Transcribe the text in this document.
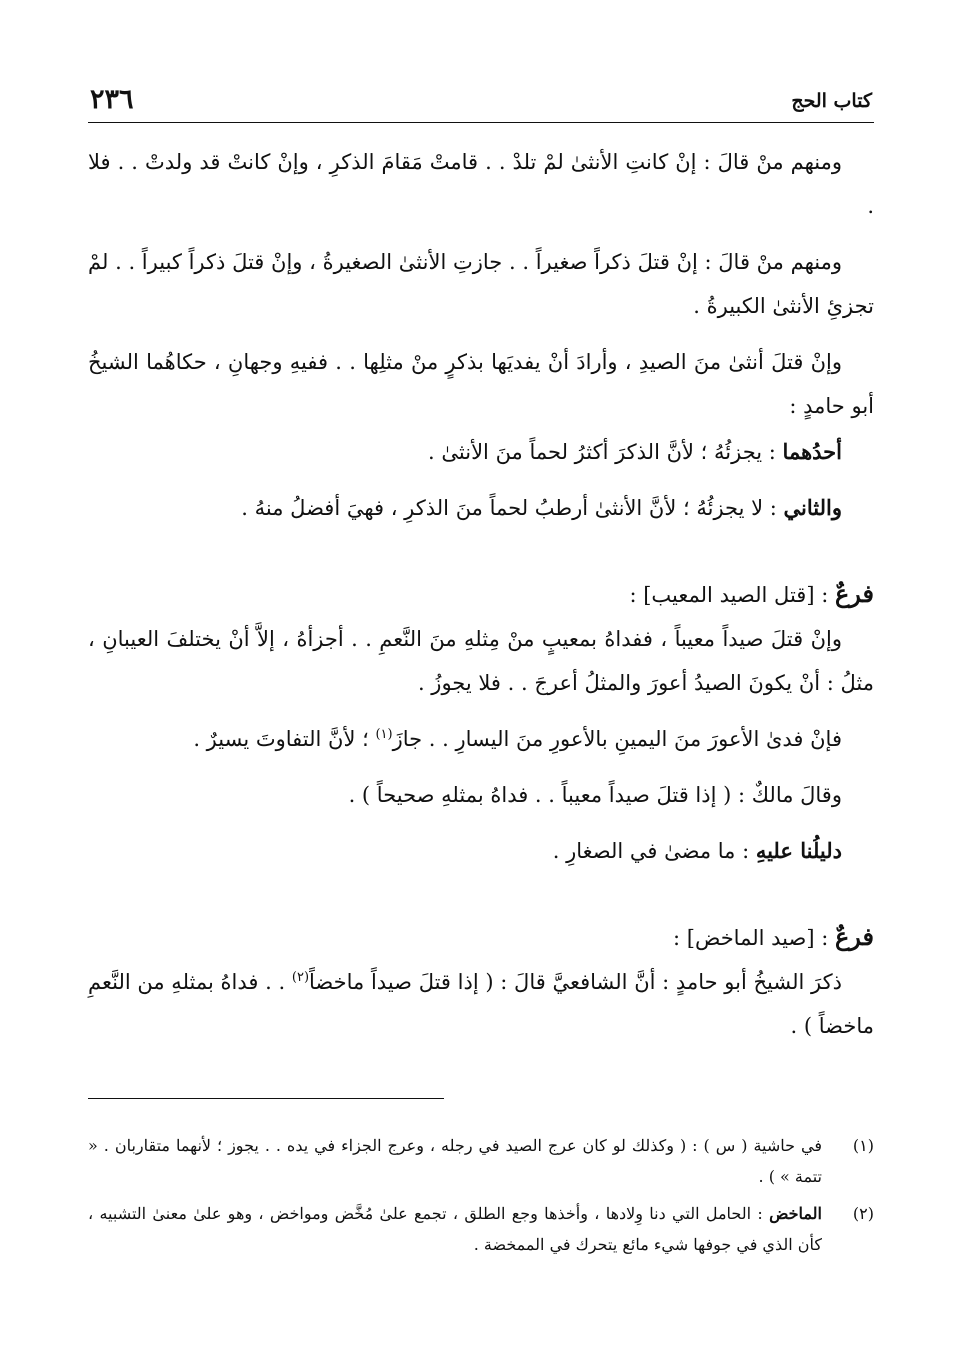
كتاب الحج
٢٣٦

ومنهم منْ قالَ : إنْ كانتِ الأنثىٰ لمْ تلدْ . . قامتْ مَقامَ الذكرِ ، وإنْ كانتْ قد ولدتْ . . فلا .

ومنهم منْ قالَ : إنْ قتلَ ذكراً صغيراً . . جازتِ الأنثىٰ الصغيرةُ ، وإنْ قتلَ ذكراً كبيراً . . لمْ تجزئِ الأنثىٰ الكبيرةُ .

وإنْ قتلَ أنثىٰ منَ الصيدِ ، وأرادَ أنْ يفديَها بذكرٍ منْ مثلِها . . ففيهِ وجهانِ ، حكاهُما الشيخُ أبو حامدٍ :

أحدُهما : يجزئُهُ ؛ لأنَّ الذكرَ أكثرُ لحماً منَ الأنثىٰ .

والثاني : لا يجزئُهُ ؛ لأنَّ الأنثىٰ أرطبُ لحماً منَ الذكرِ ، فهيَ أفضلُ منهُ .

فرعٌ : [قتل الصيد المعيب] :

وإنْ قتلَ صيداً معيباً ، ففداهُ بمعيبٍ منْ مِثلهِ منَ النَّعمِ . . أجزأهُ ، إلاَّ أنْ يختلفَ العيبانِ ، مثلُ : أنْ يكونَ الصيدُ أعورَ والمثلُ أعرجَ . . فلا يجوزُ .

فإنْ فدىٰ الأعورَ منَ اليمينِ بالأعورِ منَ اليسارِ . . جازَ$^{(١)}$ ؛ لأنَّ التفاوتَ يسيرٌ .

وقالَ مالكٌ : ( إذا قتلَ صيداً معيباً . . فداهُ بمثلهِ صحيحاً ) .

دليلُنا عليهِ : ما مضىٰ في الصغارِ .

فرعٌ : [صيد الماخض] :

ذكرَ الشيخُ أبو حامدٍ : أنَّ الشافعيَّ قالَ : ( إذا قتلَ صيداً ماخضاً$^{(٢)}$ . . فداهُ بمثلهِ من النَّعمِ ماخضاً ) .

(١)
في حاشية ( س ) : ( وكذلك لو كان عرج الصيد في رجله ، وعرج الجزاء في يده . . يجوز ؛ لأنهما متقاربان . « تتمة » ) .
(٢)
الماخض : الحامل التي دنا وِلادها ، وأخذها وجع الطلق ، تجمع علىٰ مُخَّض ومواخض ، وهو علىٰ معنىٰ التشبيه ، كأن الذي في جوفها شيء مائع يتحرك في الممخضة .
